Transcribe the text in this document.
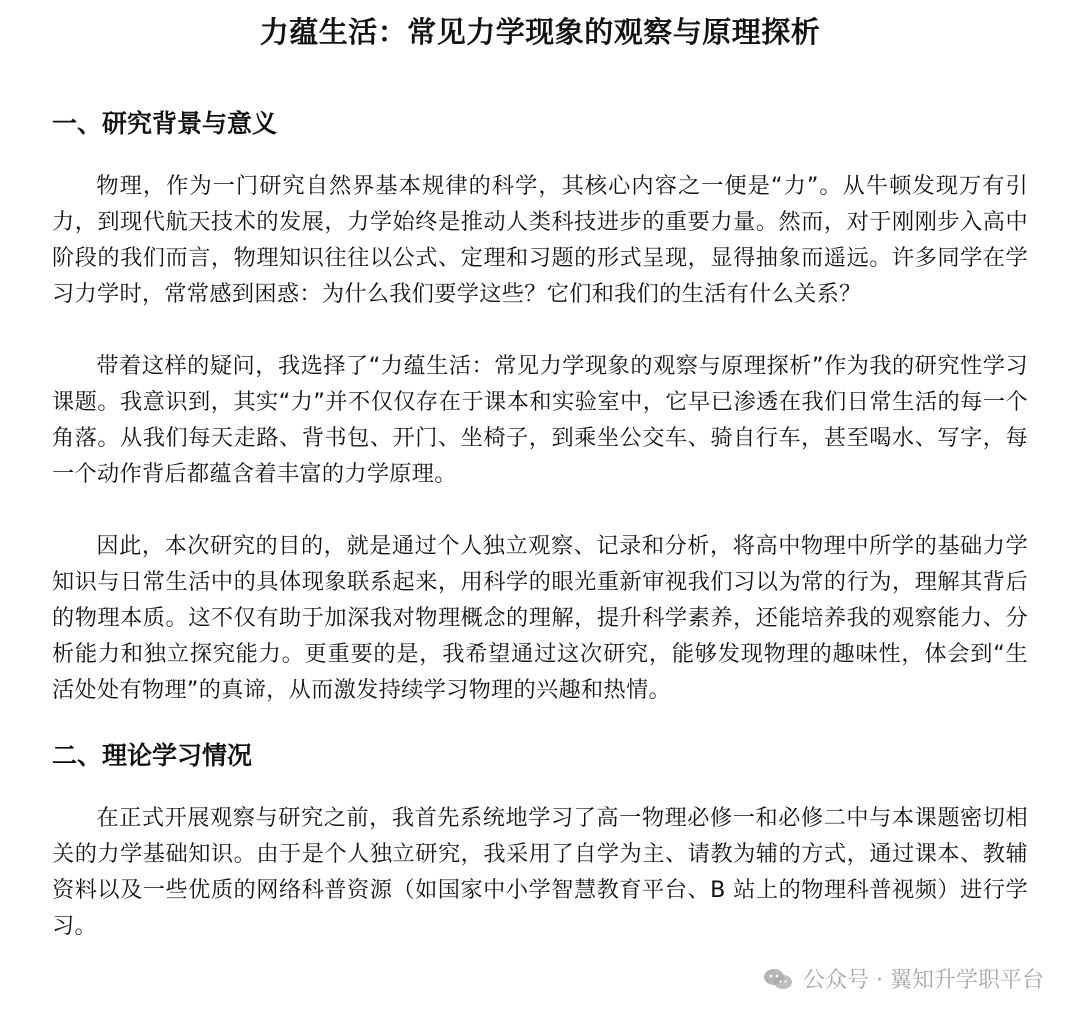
力蕴生活：常见力学现象的观察与原理探析
一、研究背景与意义

物理，作为一门研究自然界基本规律的科学，其核心内容之一便是“力”。从牛顿发现万有引力，到现代航天技术的发展，力学始终是推动人类科技进步的重要力量。然而，对于刚刚步入高中阶段的我们而言，物理知识往往以公式、定理和习题的形式呈现，显得抽象而遥远。许多同学在学习力学时，常常感到困惑：为什么我们要学这些？它们和我们的生活有什么关系？

带着这样的疑问，我选择了“力蕴生活：常见力学现象的观察与原理探析”作为我的研究性学习课题。我意识到，其实“力”并不仅仅存在于课本和实验室中，它早已渗透在我们日常生活的每一个角落。从我们每天走路、背书包、开门、坐椅子，到乘坐公交车、骑自行车，甚至喝水、写字，每一个动作背后都蕴含着丰富的力学原理。

因此，本次研究的目的，就是通过个人独立观察、记录和分析，将高中物理中所学的基础力学知识与日常生活中的具体现象联系起来，用科学的眼光重新审视我们习以为常的行为，理解其背后的物理本质。这不仅有助于加深我对物理概念的理解，提升科学素养，还能培养我的观察能力、分析能力和独立探究能力。更重要的是，我希望通过这次研究，能够发现物理的趣味性，体会到“生活处处有物理”的真谛，从而激发持续学习物理的兴趣和热情。

二、理论学习情况

在正式开展观察与研究之前，我首先系统地学习了高一物理必修一和必修二中与本课题密切相关的力学基础知识。由于是个人独立研究，我采用了自学为主、请教为辅的方式，通过课本、教辅资料以及一些优质的网络科普资源（如国家中小学智慧教育平台、B 站上的物理科普视频）进行学习。

公众号 · 翼知升学职平台
